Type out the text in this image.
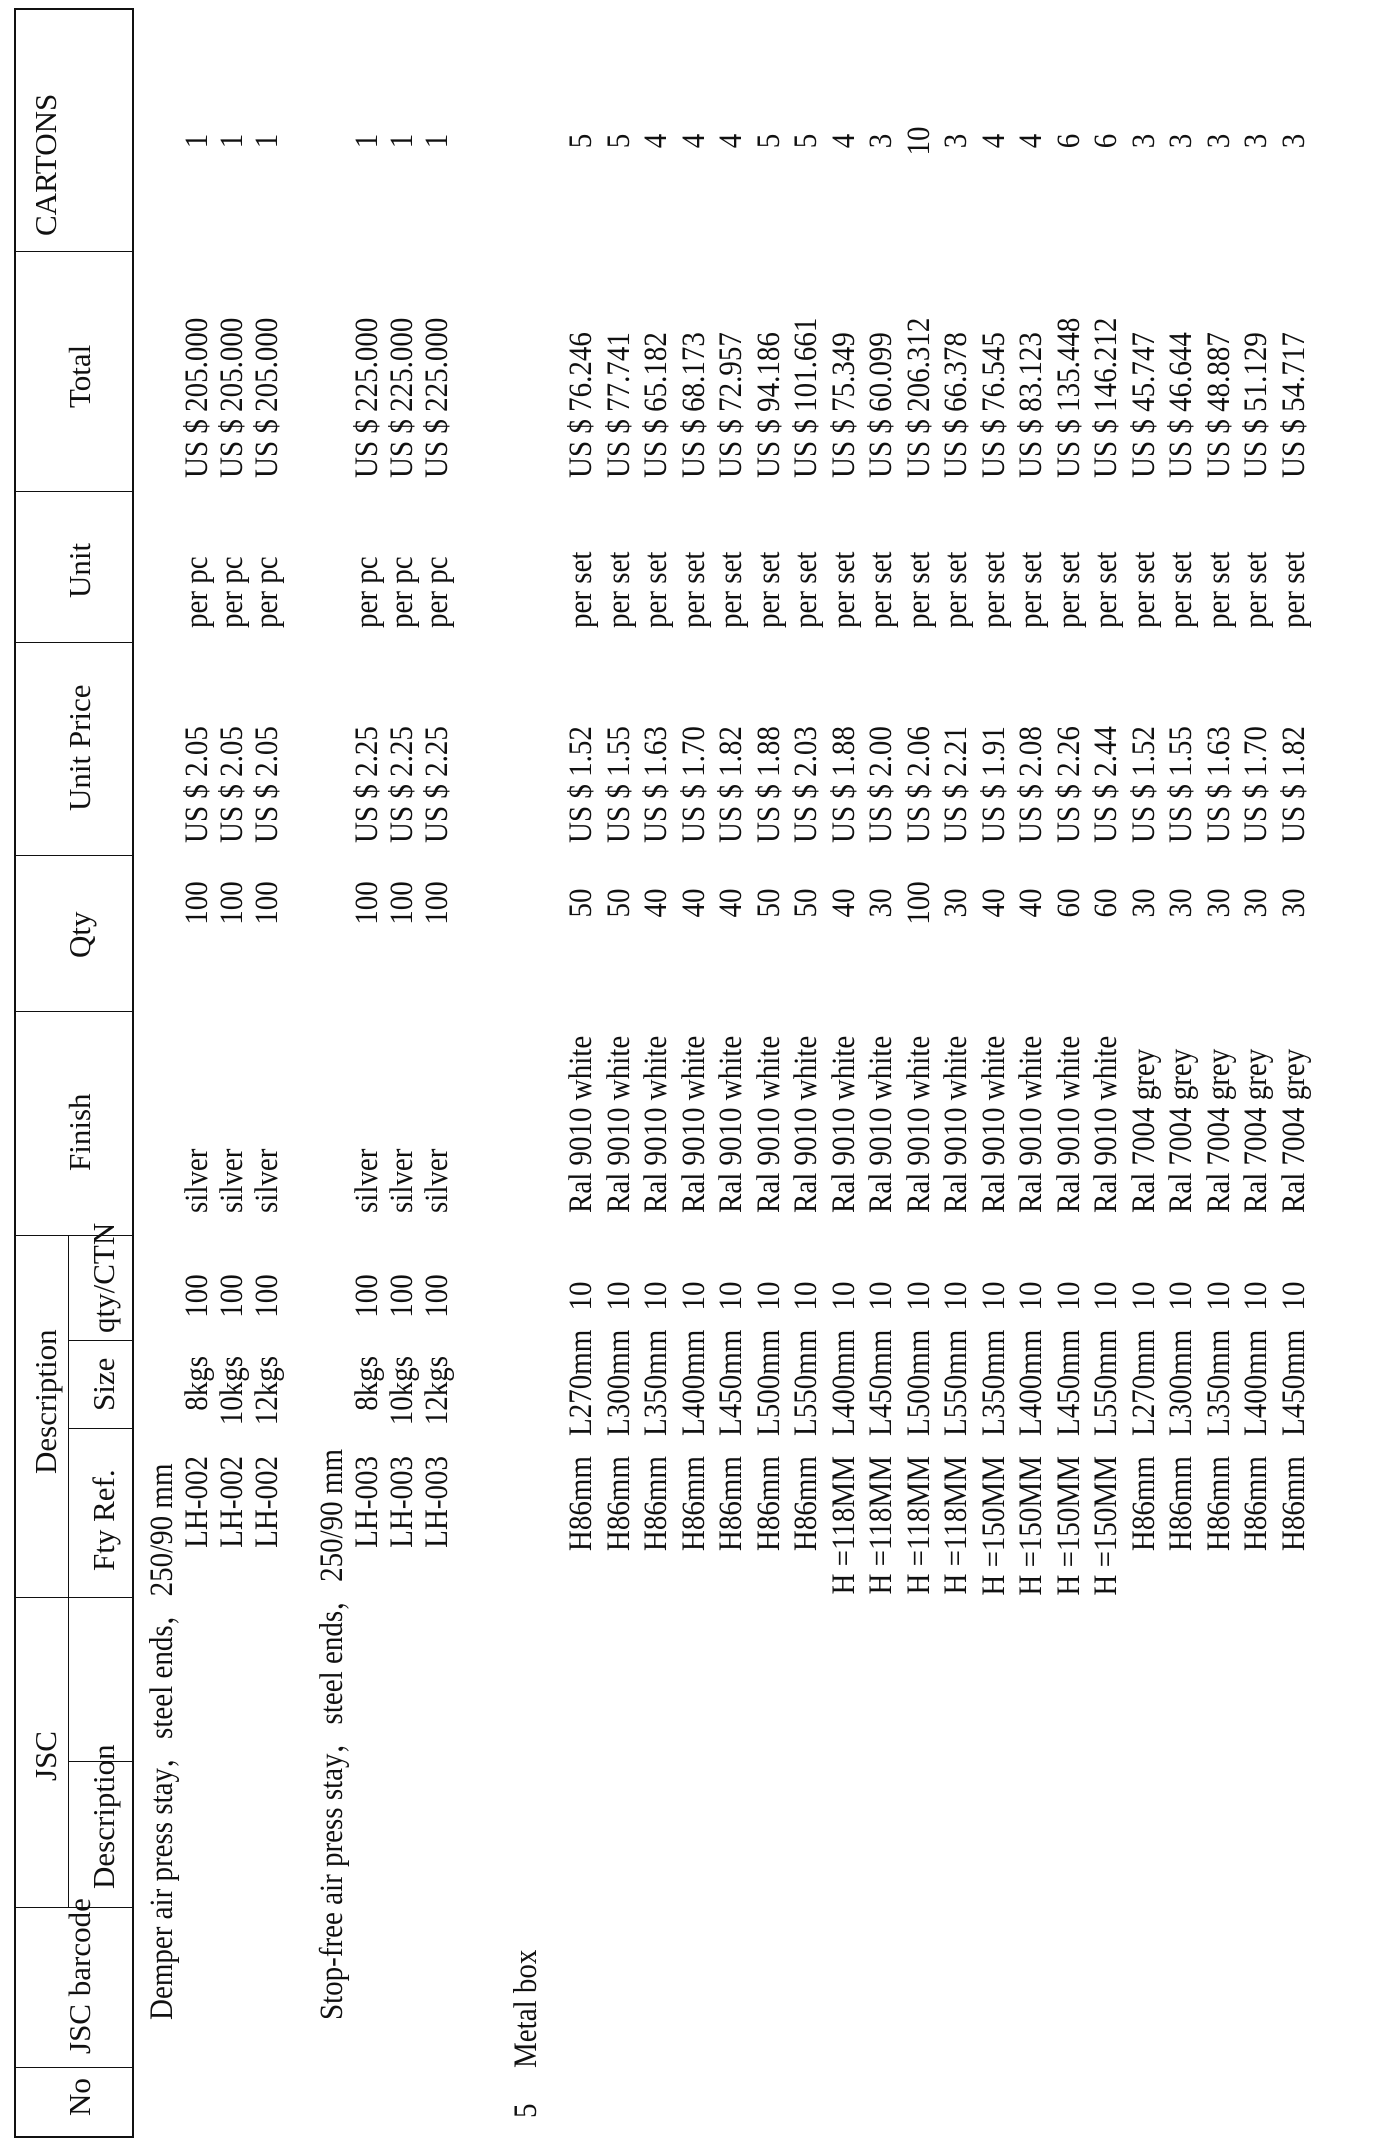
No
JSC barcode
JSC Description
Description
Fty Ref.
Size
qty/CTN
Finish
Qty
Unit Price
Unit
Total
CARTONS
Demper air press stay，steel ends，250/90 mm LH-002
8kgs
100
silver
100
US $ 2.05
per pc
US $ 205.000
1
LH-002
10kgs
100
silver
100
US $ 2.05
per pc
US $ 205.000
1
LH-002
12kgs
100
silver
100
US $ 2.05
per pc
US $ 205.000
1
Stop-free air press stay，steel ends，250/90 mm LH-003
8kgs
100
silver
100
US $ 2.25
per pc
US $ 225.000
1
LH-003
10kgs
100
silver
100
US $ 2.25
per pc
US $ 225.000
1
LH-003
12kgs
100
silver
100
US $ 2.25
per pc
US $ 225.000
1
5
Metal box
H86mm
L270mm
10
Ral 9010 white
50
US $ 1.52
per set
US $ 76.246
5
H86mm
L300mm
10
Ral 9010 white
50
US $ 1.55
per set
US $ 77.741
5
H86mm
L350mm
10
Ral 9010 white
40
US $ 1.63
per set
US $ 65.182
4
H86mm
L400mm
10
Ral 9010 white
40
US $ 1.70
per set
US $ 68.173
4
H86mm
L450mm
10
Ral 9010 white
40
US $ 1.82
per set
US $ 72.957
4
H86mm
L500mm
10
Ral 9010 white
50
US $ 1.88
per set
US $ 94.186
5
H86mm
L550mm
10
Ral 9010 white
50
US $ 2.03
per set
US $ 101.661
5
H =118MM
L400mm
10
Ral 9010 white
40
US $ 1.88
per set
US $ 75.349
4
H =118MM
L450mm
10
Ral 9010 white
30
US $ 2.00
per set
US $ 60.099
3
H =118MM
L500mm
10
Ral 9010 white
100
US $ 2.06
per set
US $ 206.312
10
H =118MM
L550mm
10
Ral 9010 white
30
US $ 2.21
per set
US $ 66.378
3
H =150MM
L350mm
10
Ral 9010 white
40
US $ 1.91
per set
US $ 76.545
4
H =150MM
L400mm
10
Ral 9010 white
40
US $ 2.08
per set
US $ 83.123
4
H =150MM
L450mm
10
Ral 9010 white
60
US $ 2.26
per set
US $ 135.448
6
H =150MM
L550mm
10
Ral 9010 white
60
US $ 2.44
per set
US $ 146.212
6
H86mm
L270mm
10
Ral 7004 grey
30
US $ 1.52
per set
US $ 45.747
3
H86mm
L300mm
10
Ral 7004 grey
30
US $ 1.55
per set
US $ 46.644
3
H86mm
L350mm
10
Ral 7004 grey
30
US $ 1.63
per set
US $ 48.887
3
H86mm
L400mm
10
Ral 7004 grey
30
US $ 1.70
per set
US $ 51.129
3
H86mm
L450mm
10
Ral 7004 grey
30
US $ 1.82
per set
US $ 54.717
3
